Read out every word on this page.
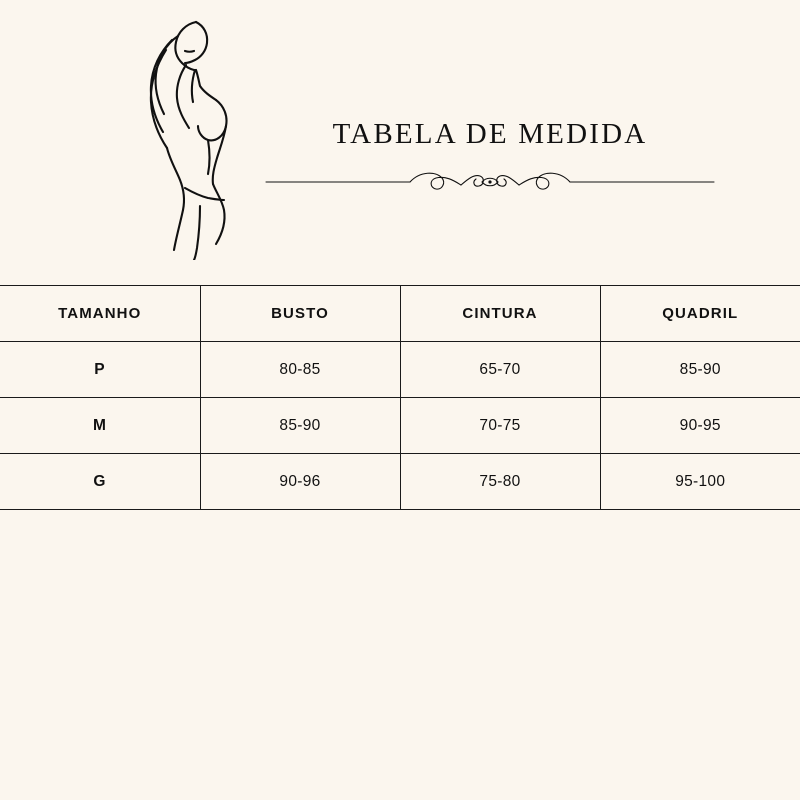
TABELA DE MEDIDA
TAMANHO	BUSTO	CINTURA	QUADRIL
P	80-85	65-70	85-90
M	85-90	70-75	90-95
G	90-96	75-80	95-100
